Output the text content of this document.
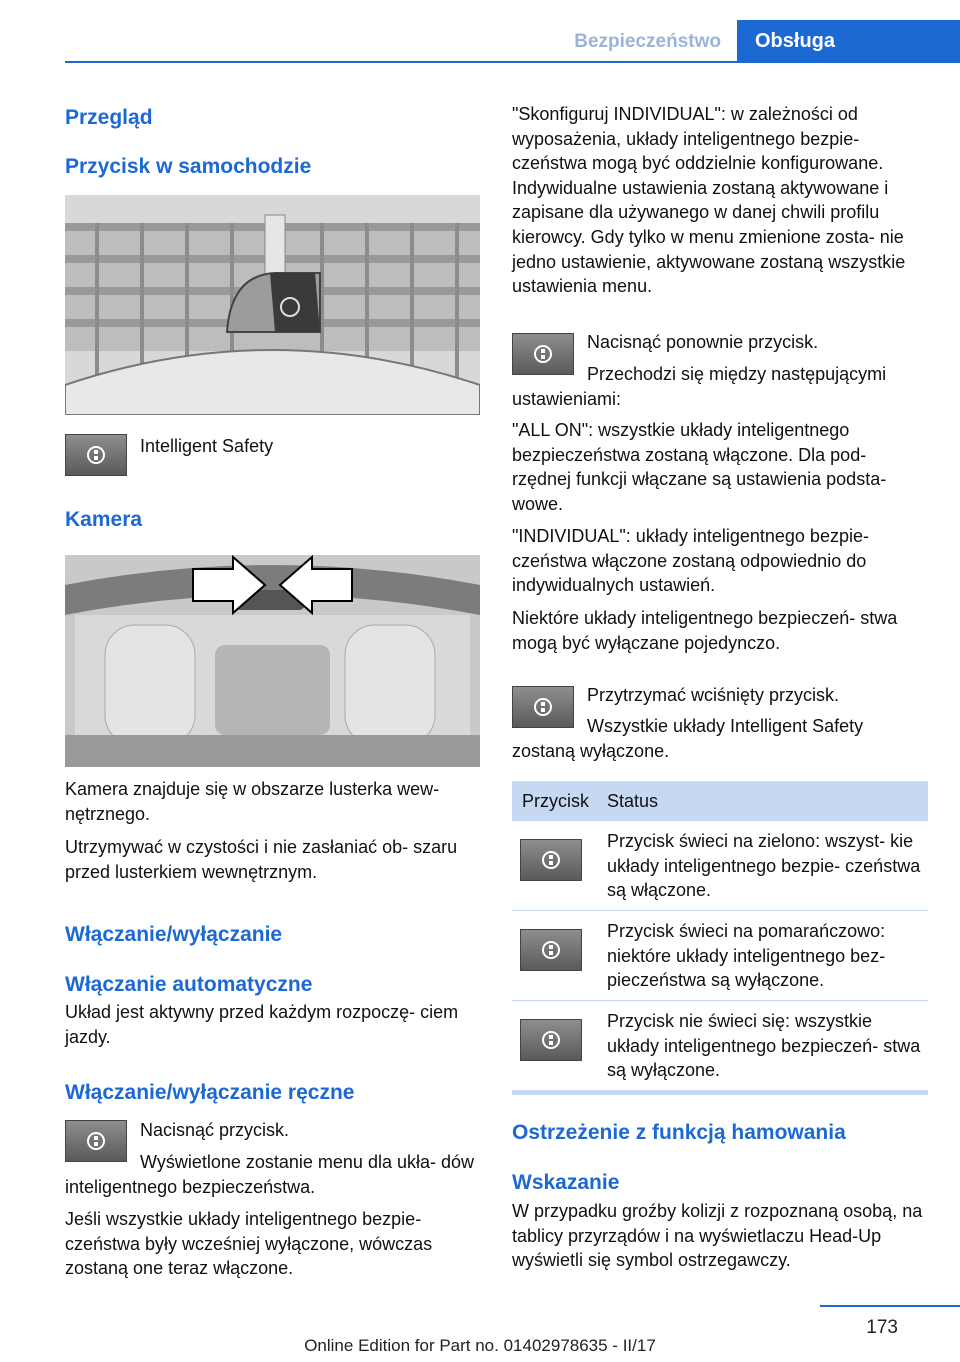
Bezpieczeństwo	Obsługa
Przegląd
Przycisk w samochodzie

Intelligent Safety

Kamera

Kamera znajduje się w obszarze lusterka wew‐ nętrznego.

Utrzymywać w czystości i nie zasłaniać ob‐ szaru przed lusterkiem wewnętrznym.

Włączanie/wyłączanie
Włączanie automatyczne

Układ jest aktywny przed każdym rozpoczę‐ ciem jazdy.

Włączanie/wyłączanie ręczne

Nacisnąć przycisk.

Wyświetlone zostanie menu dla ukła‐ dów inteligentnego bezpieczeństwa.

Jeśli wszystkie układy inteligentnego bezpie‐ czeństwa były wcześniej wyłączone, wówczas zostaną one teraz włączone.

"Skonfiguruj INDIVIDUAL": w zależności od wyposażenia, układy inteligentnego bezpie‐ czeństwa mogą być oddzielnie konfigurowane. Indywidualne ustawienia zostaną aktywowane i zapisane dla używanego w danej chwili profilu kierowcy. Gdy tylko w menu zmienione zosta‐ nie jedno ustawienie, aktywowane zostaną wszystkie ustawienia menu.

Nacisnąć ponownie przycisk.

Przechodzi się między następującymi ustawieniami:

"ALL ON": wszystkie układy inteligentnego bezpieczeństwa zostaną włączone. Dla pod‐ rzędnej funkcji włączane są ustawienia podsta‐ wowe.

"INDIVIDUAL": układy inteligentnego bezpie‐ czeństwa włączone zostaną odpowiednio do indywidualnych ustawień.

Niektóre układy inteligentnego bezpieczeń‐ stwa mogą być wyłączane pojedynczo.

Przytrzymać wciśnięty przycisk.

Wszystkie układy Intelligent Safety zostaną wyłączone.

Przycisk Status

Przycisk świeci na zielono: wszyst‐ kie układy inteligentnego bezpie‐ czeństwa są włączone.

Przycisk świeci na pomarańczowo: niektóre układy inteligentnego bez‐ pieczeństwa są wyłączone.

Przycisk nie świeci się: wszystkie układy inteligentnego bezpieczeń‐ stwa są wyłączone.

Ostrzeżenie z funkcją hamowania
Wskazanie

W przypadku groźby kolizji z rozpoznaną osobą, na tablicy przyrządów i na wyświetlaczu Head-Up wyświetli się symbol ostrzegawczy.

173
Online Edition for Part no. 01402978635 - II/17
